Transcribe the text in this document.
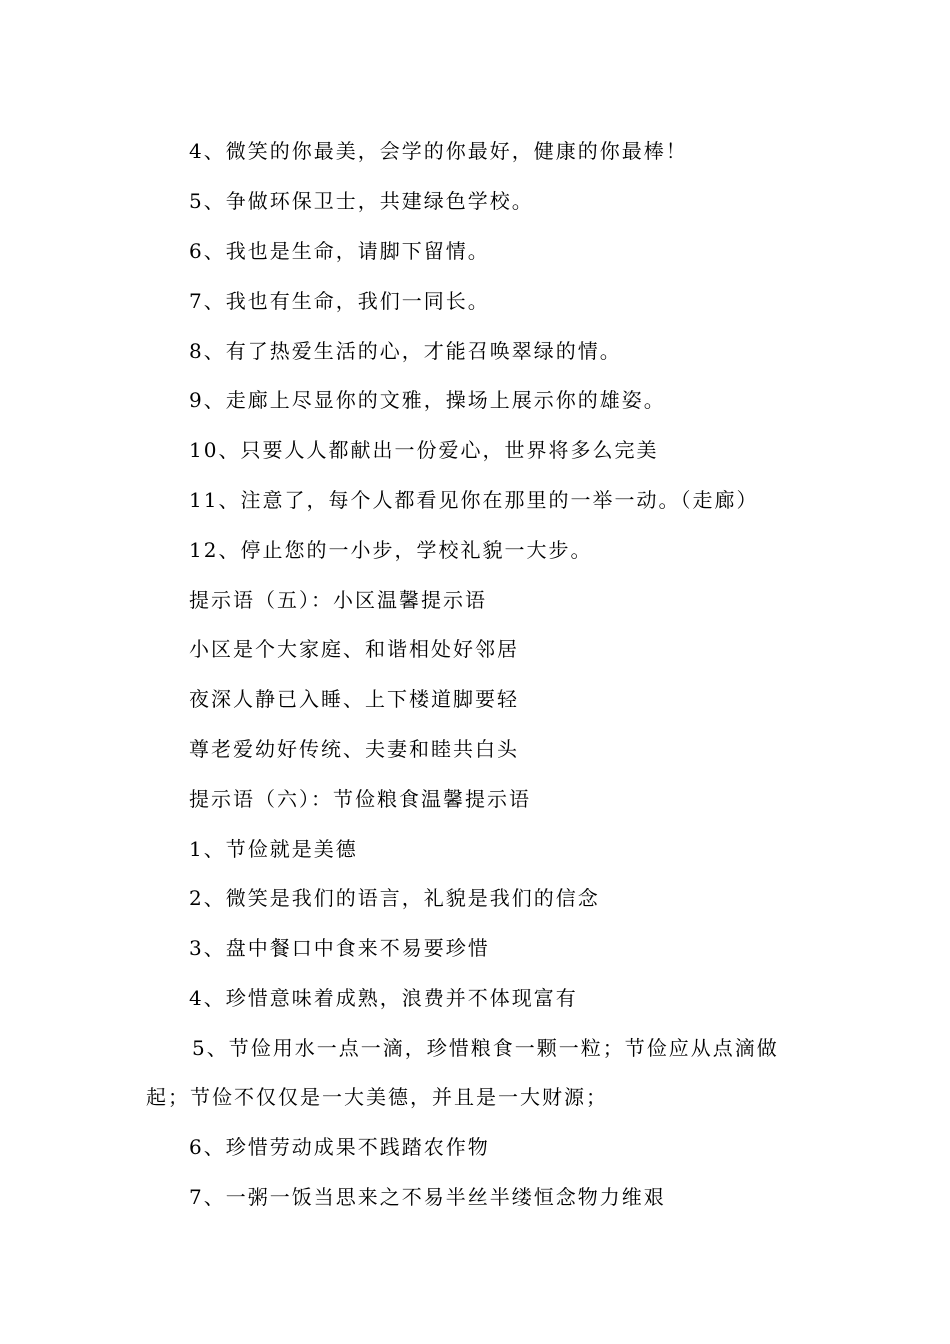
4、微笑的你最美，会学的你最好，健康的你最棒！
5、争做环保卫士，共建绿色学校。
6、我也是生命，请脚下留情。
7、我也有生命，我们一同长。
8、有了热爱生活的心，才能召唤翠绿的情。
9、走廊上尽显你的文雅，操场上展示你的雄姿。
10、只要人人都献出一份爱心，世界将多么完美
11、注意了，每个人都看见你在那里的一举一动。（走廊）
12、停止您的一小步，学校礼貌一大步。
提示语（五）：小区温馨提示语
小区是个大家庭、和谐相处好邻居
夜深人静已入睡、上下楼道脚要轻
尊老爱幼好传统、夫妻和睦共白头
提示语（六）：节俭粮食温馨提示语
1、节俭就是美德
2、微笑是我们的语言，礼貌是我们的信念
3、盘中餐口中食来不易要珍惜
4、珍惜意味着成熟，浪费并不体现富有
5、节俭用水一点一滴，珍惜粮食一颗一粒；节俭应从点滴做
起；节俭不仅仅是一大美德，并且是一大财源；
6、珍惜劳动成果不践踏农作物
7、一粥一饭当思来之不易半丝半缕恒念物力维艰
